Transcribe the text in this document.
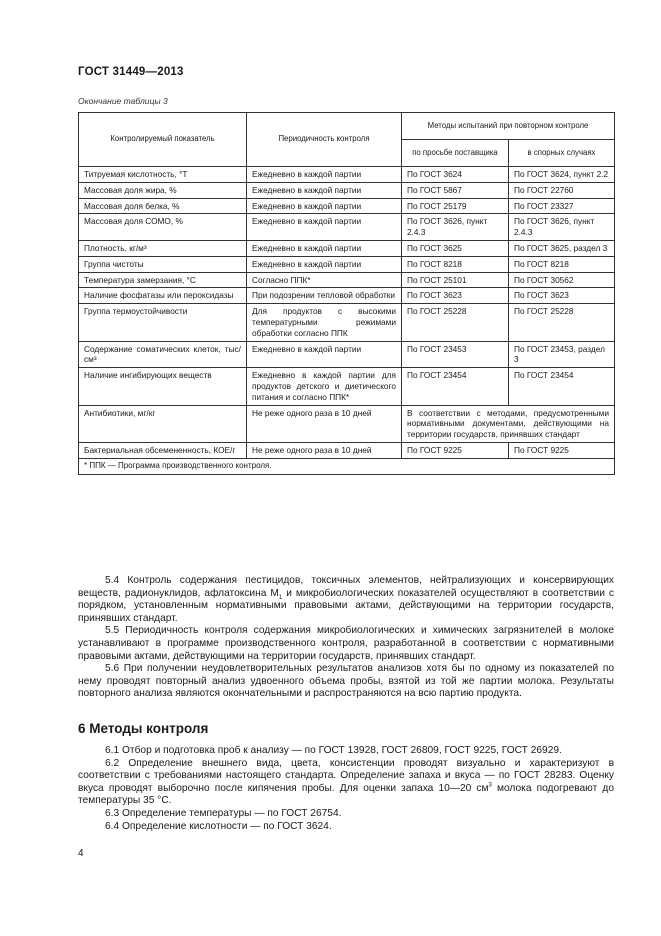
ГОСТ 31449—2013
Окончание таблицы 3
Контролируемый показатель	Периодичность контроля	Методы испытаний при повторном контроле	
		по просьбе поставщика	в спорных случаях
Титруемая кислотность, °Т	Ежедневно в каждой партии	По ГОСТ 3624	По ГОСТ 3624, пункт 2.2
Массовая доля жира, %	Ежедневно в каждой партии	По ГОСТ 5867	По ГОСТ 22760
Массовая доля белка, %	Ежедневно в каждой партии	По ГОСТ 25179	По ГОСТ 23327
Массовая доля СОМО, %	Ежедневно в каждой партии	По ГОСТ 3626, пункт 2.4.3	По ГОСТ 3626, пункт 2.4.3
Плотность, кг/м³	Ежедневно в каждой партии	По ГОСТ 3625	По ГОСТ 3625, раздел 3
Группа чистоты	Ежедневно в каждой партии	По ГОСТ 8218	По ГОСТ 8218
Температура замерзания, °С	Согласно ППК*	По ГОСТ 25101	По ГОСТ 30562
Наличие фосфатазы или пероксидазы	При подозрении тепловой обработки	По ГОСТ 3623	По ГОСТ 3623
Группа термоустойчивости	Для продуктов с высокими температурными режимами обработки согласно ППК	По ГОСТ 25228	По ГОСТ 25228
Содержание соматических клеток, тыс/см³	Ежедневно в каждой партии	По ГОСТ 23453	По ГОСТ 23453, раздел 3
Наличие ингибирующих веществ	Ежедневно в каждой партии для продуктов детского и диетического питания и согласно ППК*	По ГОСТ 23454	По ГОСТ 23454
Антибиотики, мг/кг	Не реже одного раза в 10 дней	В соответствии с методами, предусмотренными нормативными документами, действующими на территории государств, принявших стандарт	
Бактериальная обсемененность, КОЕ/г	Не реже одного раза в 10 дней	По ГОСТ 9225	По ГОСТ 9225
* ППК — Программа производственного контроля.			

5.4 Контроль содержания пестицидов, токсичных элементов, нейтрализующих и консервирующих веществ, радионуклидов, афлатоксина $M_1$ и микробиологических показателей осуществляют в соответствии с порядком, установленным нормативными правовыми актами, действующими на территории государств, принявших стандарт.

5.5 Периодичность контроля содержания микробиологических и химических загрязнителей в молоке устанавливают в программе производственного контроля, разработанной в соответствии с нормативными правовыми актами, действующими на территории государств, принявших стандарт.

5.6 При получении неудовлетворительных результатов анализов хотя бы по одному из показателей по нему проводят повторный анализ удвоенного объема пробы, взятой из той же партии молока. Результаты повторного анализа являются окончательными и распространяются на всю партию продукта.

6 Методы контроля

6.1 Отбор и подготовка проб к анализу — по ГОСТ 13928, ГОСТ 26809, ГОСТ 9225, ГОСТ 26929.

6.2 Определение внешнего вида, цвета, консистенции проводят визуально и характеризуют в соответствии с требованиями настоящего стандарта. Определение запаха и вкуса — по ГОСТ 28283. Оценку вкуса проводят выборочно после кипячения пробы. Для оценки запаха 10—20 $см^3$ молока подогревают до температуры 35 °С.

6.3 Определение температуры — по ГОСТ 26754.

6.4 Определение кислотности — по ГОСТ 3624.

4
